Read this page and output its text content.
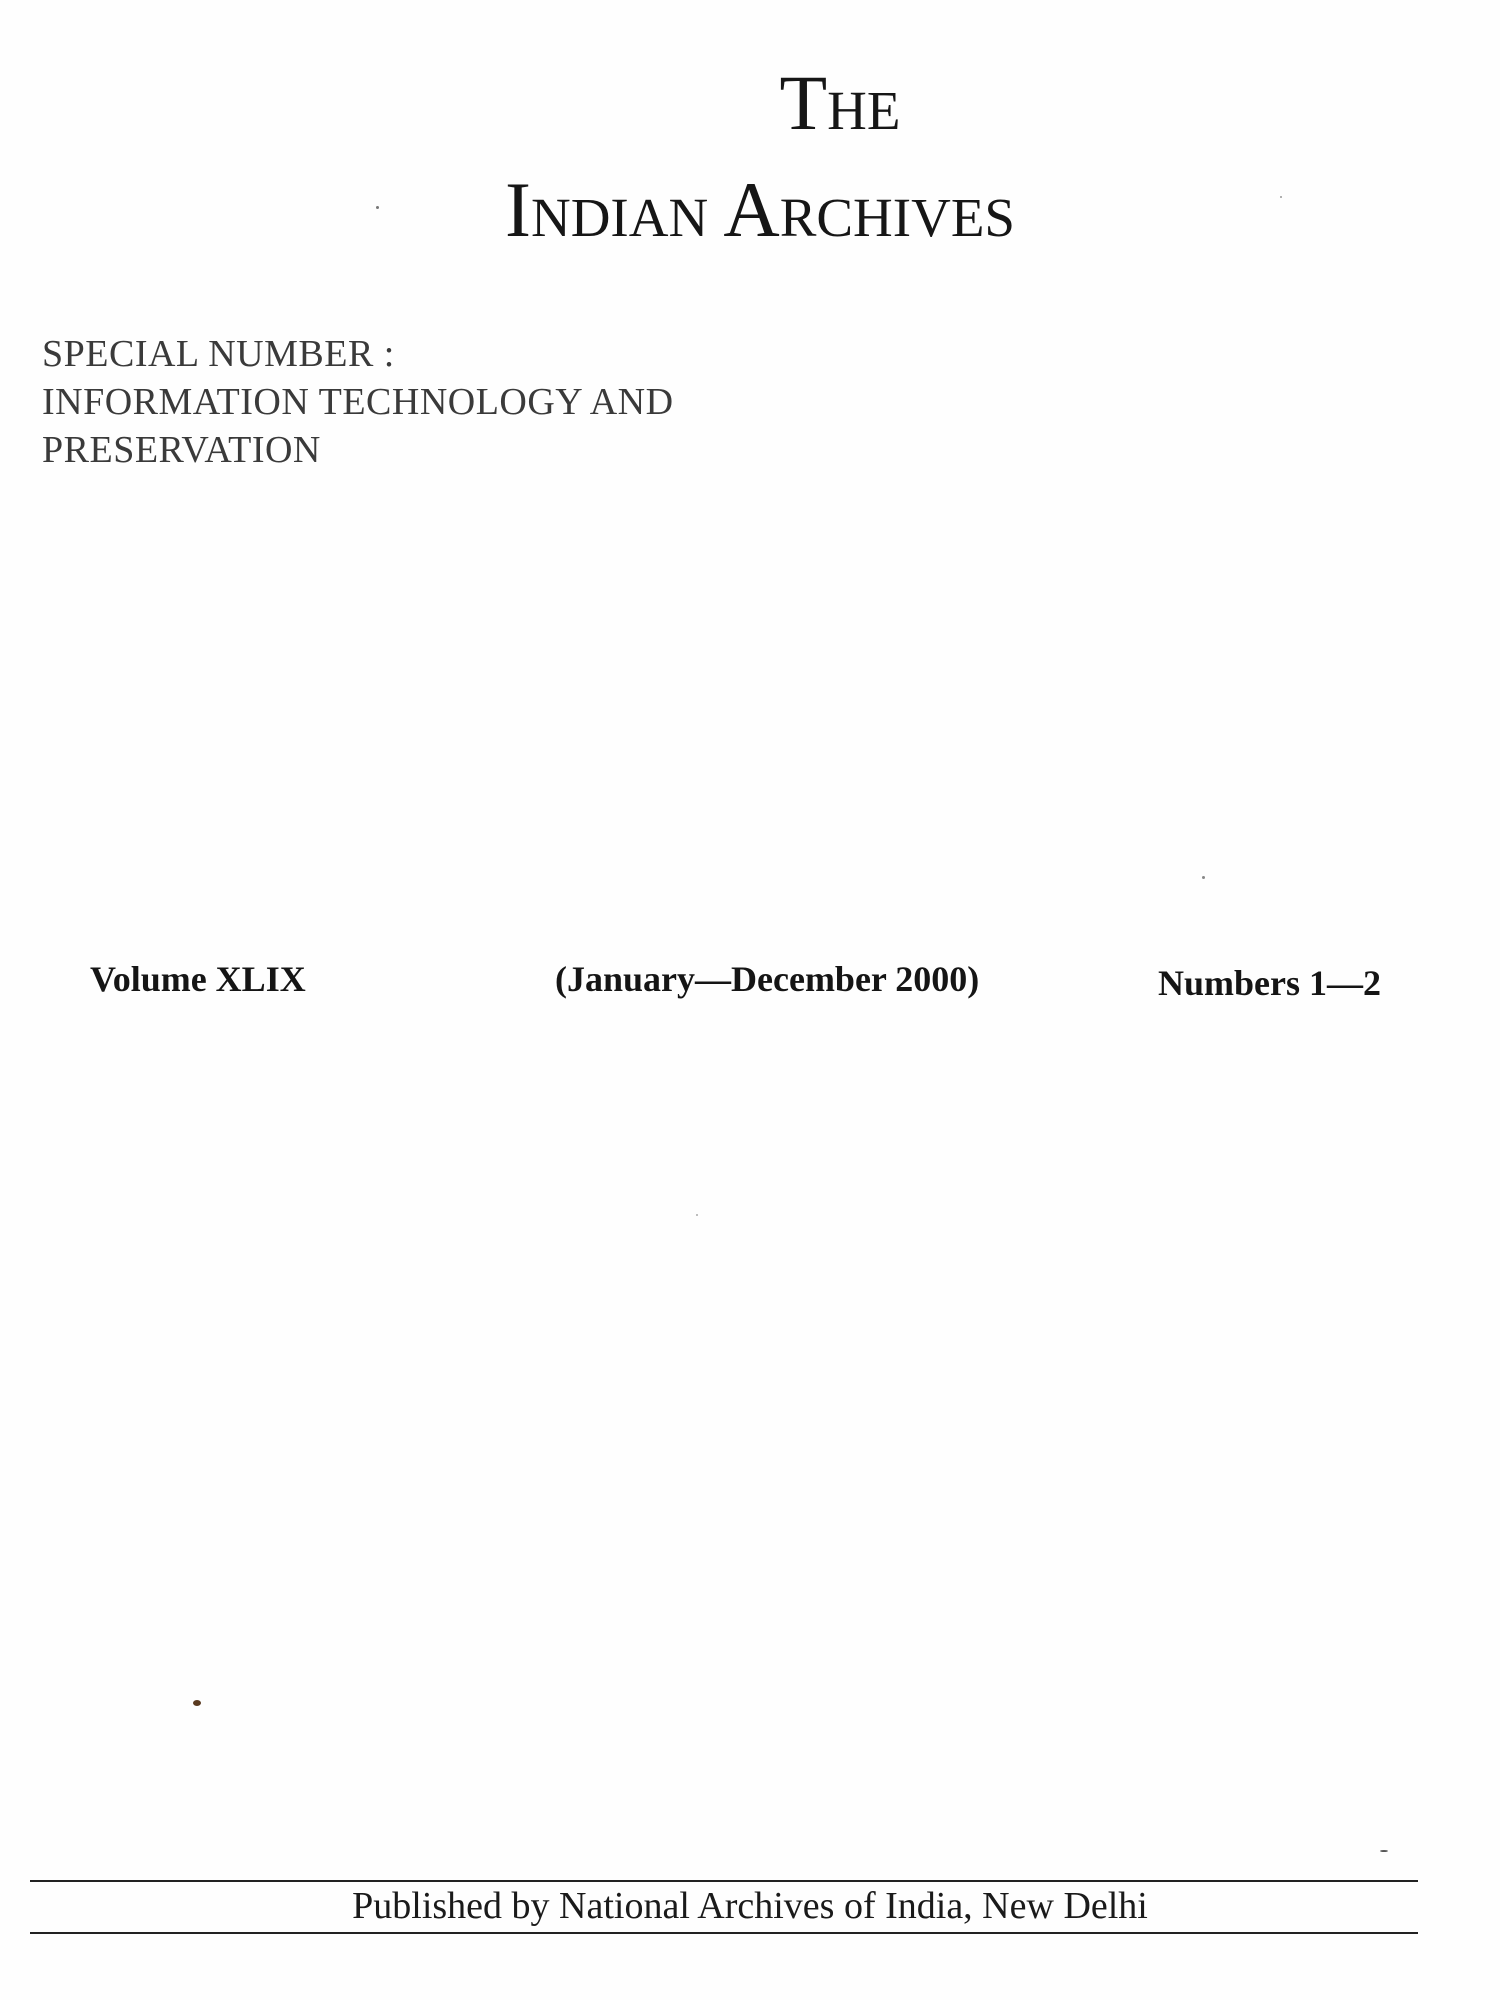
The
Indian Archives
SPECIAL NUMBER :
INFORMATION TECHNOLOGY AND
PRESERVATION
Volume XLIX	(January—December 2000)	Numbers 1—2
Published by National Archives of India, New Delhi
